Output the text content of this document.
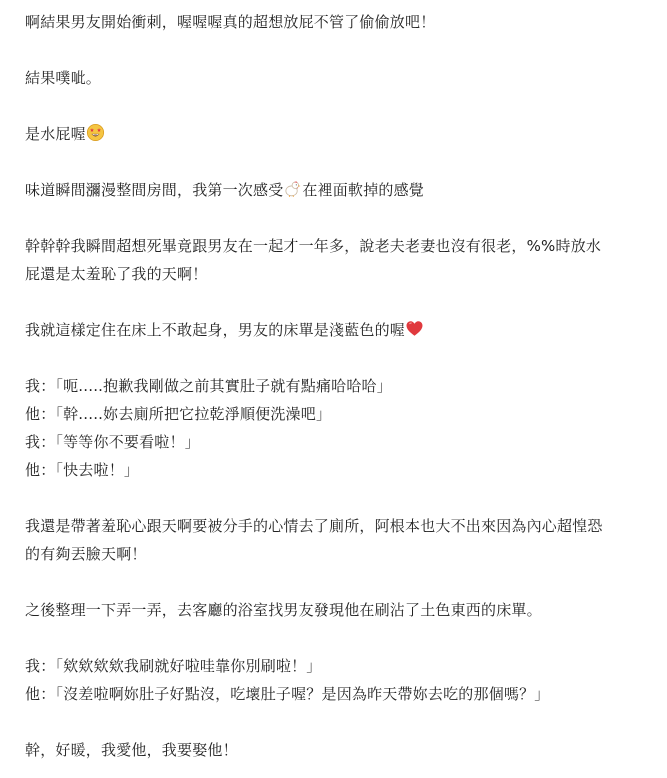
啊結果男友開始衝刺，喔喔喔真的超想放屁不管了偷偷放吧！

結果噗呲。

是水屁喔

味道瞬間瀰漫整間房間，我第一次感受 在裡面軟掉的感覺

幹幹幹我瞬間超想死畢竟跟男友在一起才一年多，說老夫老妻也沒有很老，%%時放水
屁還是太羞恥了我的天啊！

我就這樣定住在床上不敢起身，男友的床單是淺藍色的喔

我：「呃.....抱歉我剛做之前其實肚子就有點痛哈哈哈」
他：「幹.....妳去廁所把它拉乾淨順便洗澡吧」
我：「等等你不要看啦！」
他：「快去啦！」

我還是帶著羞恥心跟天啊要被分手的心情去了廁所，阿根本也大不出來因為內心超惶恐
的有夠丟臉天啊！

之後整理一下弄一弄，去客廳的浴室找男友發現他在刷沾了土色東西的床單。

我：「欸欸欸欸我刷就好啦哇靠你別刷啦！」
他：「沒差啦啊妳肚子好點沒，吃壞肚子喔？是因為昨天帶妳去吃的那個嗎？」

幹，好暖，我愛他，我要娶他！
